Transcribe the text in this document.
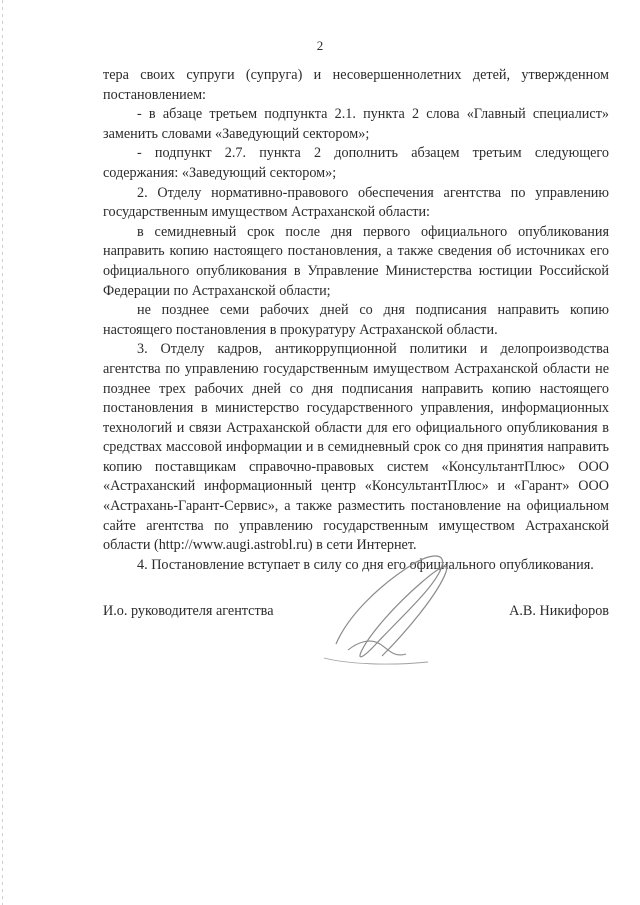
2

тера своих супруги (супруга) и несовершеннолетних детей, утвержденном постановлением:

- в абзаце третьем подпункта 2.1. пункта 2 слова «Главный специалист» заменить словами «Заведующий сектором»;

- подпункт 2.7. пункта 2 дополнить абзацем третьим следующего содержания: «Заведующий сектором»;

2. Отделу нормативно-правового обеспечения агентства по управлению государственным имуществом Астраханской области:

в семидневный срок после дня первого официального опубликования направить копию настоящего постановления, а также сведения об источниках его официального опубликования в Управление Министерства юстиции Российской Федерации по Астраханской области;

не позднее семи рабочих дней со дня подписания направить копию настоящего постановления в прокуратуру Астраханской области.

3. Отделу кадров, антикоррупционной политики и делопроизводства агентства по управлению государственным имуществом Астраханской области не позднее трех рабочих дней со дня подписания направить копию настоящего постановления в министерство государственного управления, информационных технологий и связи Астраханской области для его официального опубликования в средствах массовой информации и в семидневный срок со дня принятия направить копию поставщикам справочно-правовых систем «КонсультантПлюс» ООО «Астраханский информационный центр «КонсультантПлюс» и «Гарант» ООО «Астрахань-Гарант-Сервис», а также разместить постановление на официальном сайте агентства по управлению государственным имуществом Астраханской области (http://www.augi.astrobl.ru) в сети Интернет.

4. Постановление вступает в силу со дня его официального опубликования.

И.о. руководителя агентства	А.В. Никифоров
